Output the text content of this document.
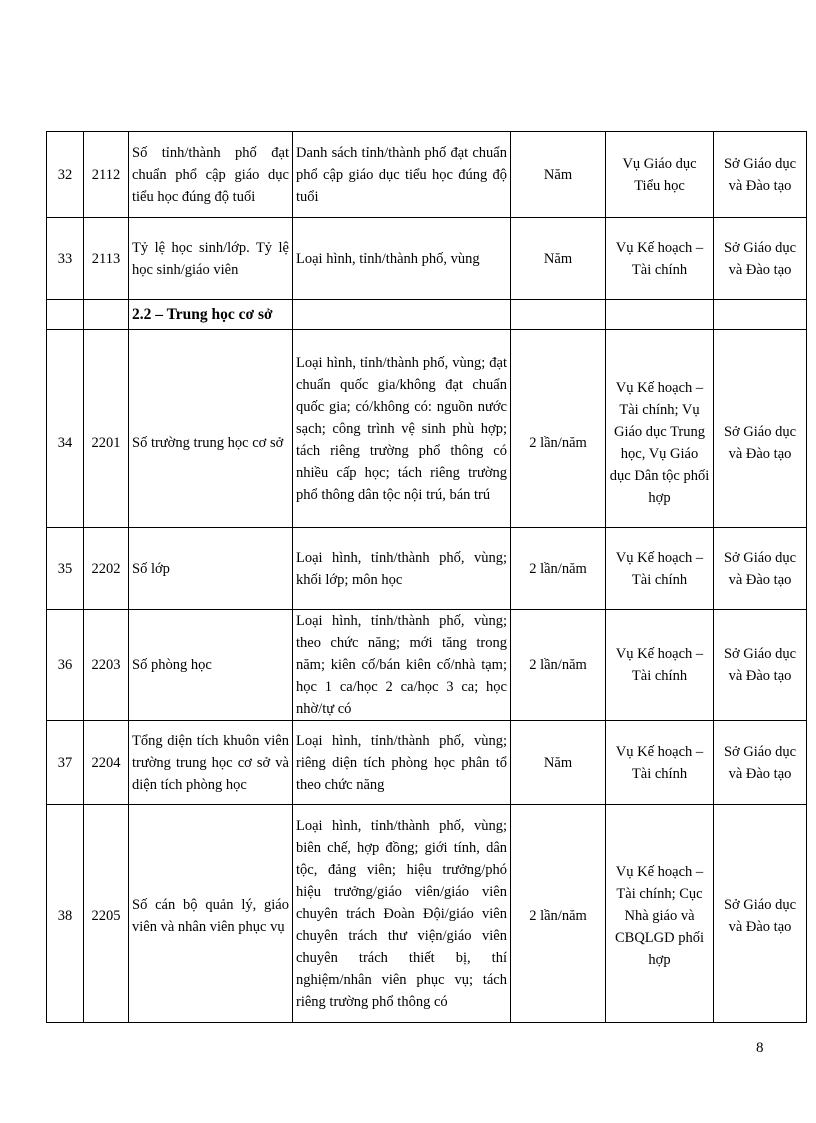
32	2112	Số tỉnh/thành phố đạt chuẩn phổ cập giáo dục tiểu học đúng độ tuổi	Danh sách tỉnh/thành phố đạt chuẩn phổ cập giáo dục tiểu học đúng độ tuổi	Năm	Vụ Giáo dục Tiểu học	Sở Giáo dục và Đào tạo
33	2113	Tỷ lệ học sinh/lớp. Tỷ lệ học sinh/giáo viên	Loại hình, tỉnh/thành phố, vùng	Năm	Vụ Kế hoạch – Tài chính	Sở Giáo dục và Đào tạo
		2.2 – Trung học cơ sở				
34	2201	Số trường trung học cơ sở	Loại hình, tỉnh/thành phố, vùng; đạt chuẩn quốc gia/không đạt chuẩn quốc gia; có/không có: nguồn nước sạch; công trình vệ sinh phù hợp; tách riêng trường phổ thông có nhiều cấp học; tách riêng trường phổ thông dân tộc nội trú, bán trú	2 lần/năm	Vụ Kế hoạch – Tài chính; Vụ Giáo dục Trung học, Vụ Giáo dục Dân tộc phối hợp	Sở Giáo dục và Đào tạo
35	2202	Số lớp	Loại hình, tỉnh/thành phố, vùng; khối lớp; môn học	2 lần/năm	Vụ Kế hoạch – Tài chính	Sở Giáo dục và Đào tạo
36	2203	Số phòng học	Loại hình, tỉnh/thành phố, vùng; theo chức năng; mới tăng trong năm; kiên cố/bán kiên cố/nhà tạm; học 1 ca/học 2 ca/học 3 ca; học nhờ/tự có	2 lần/năm	Vụ Kế hoạch – Tài chính	Sở Giáo dục và Đào tạo
37	2204	Tổng diện tích khuôn viên trường trung học cơ sở và diện tích phòng học	Loại hình, tỉnh/thành phố, vùng; riêng diện tích phòng học phân tổ theo chức năng	Năm	Vụ Kế hoạch – Tài chính	Sở Giáo dục và Đào tạo
38	2205	Số cán bộ quản lý, giáo viên và nhân viên phục vụ	Loại hình, tỉnh/thành phố, vùng; biên chế, hợp đồng; giới tính, dân tộc, đảng viên; hiệu trưởng/phó hiệu trưởng/giáo viên/giáo viên chuyên trách Đoàn Đội/giáo viên chuyên trách thư viện/giáo viên chuyên trách thiết bị, thí nghiệm/nhân viên phục vụ; tách riêng trường phổ thông có	2 lần/năm	Vụ Kế hoạch – Tài chính; Cục Nhà giáo và CBQLGD phối hợp	Sở Giáo dục và Đào tạo
8
